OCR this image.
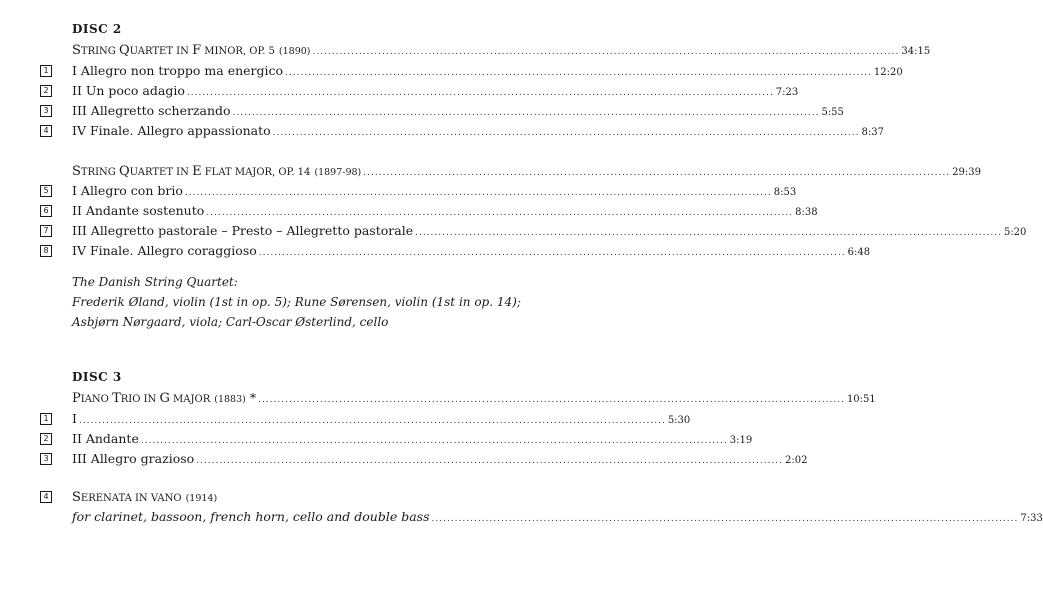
DISC 2
STRING QUARTET IN F MINOR, OP. 5 (1890) ........................................................................................................................................................ 34:15
1 I Allegro non troppo ma energico ........................................................................................................................................................ 12:20
2 II Un poco adagio ........................................................................................................................................................ 7:23
3 III Allegretto scherzando ........................................................................................................................................................ 5:55
4 IV Finale. Allegro appassionato ........................................................................................................................................................ 8:37
STRING QUARTET IN E FLAT MAJOR, OP. 14 (1897-98) ........................................................................................................................................................ 29:39
5 I Allegro con brio ........................................................................................................................................................ 8:53
6 II Andante sostenuto ........................................................................................................................................................ 8:38
7 III Allegretto pastorale – Presto – Allegretto pastorale ........................................................................................................................................................ 5:20
8 IV Finale. Allegro coraggioso ........................................................................................................................................................ 6:48
The Danish String Quartet:
Frederik Øland, violin (1st in op. 5); Rune Sørensen, violin (1st in op. 14);
Asbjørn Nørgaard, viola; Carl-Oscar Østerlind, cello
DISC 3
PIANO TRIO IN G MAJOR (1883) * ........................................................................................................................................................ 10:51
1 I ........................................................................................................................................................ 5:30
2 II Andante ........................................................................................................................................................ 3:19
3 III Allegro grazioso ........................................................................................................................................................ 2:02
4 SERENATA IN VANO (1914)
for clarinet, bassoon, french horn, cello and double bass ........................................................................................................................................................ 7:33
